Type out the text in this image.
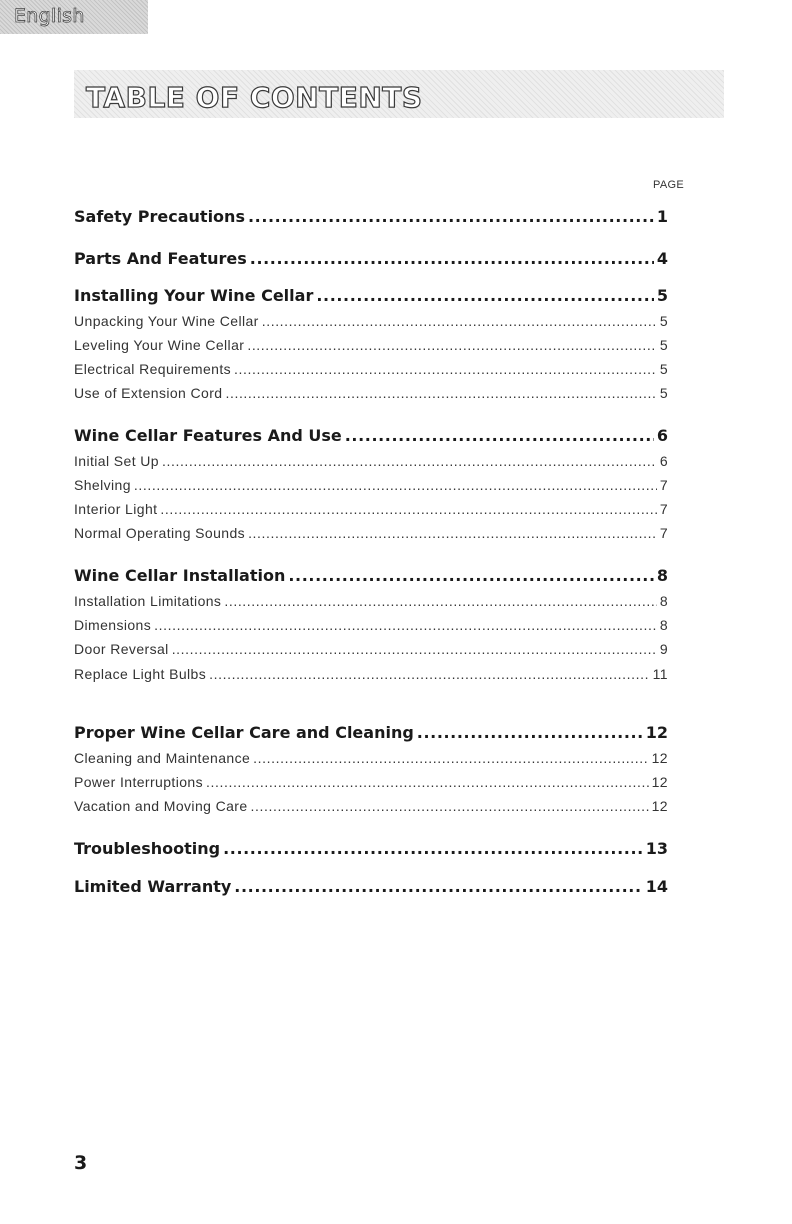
English
TABLE OF CONTENTS
PAGE
Safety Precautions .....	1
Parts And Features .....	4
Installing Your Wine Cellar .....	5
Unpacking Your Wine Cellar .....	5
Leveling Your Wine Cellar .....	5
Electrical Requirements .....	5
Use of Extension Cord .....	5
Wine Cellar Features And Use .....	6
Initial Set Up .....	6
Shelving .....	7
Interior Light .....	7
Normal Operating Sounds .....	7
Wine Cellar Installation .....	8
Installation Limitations .....	8
Dimensions .....	8
Door Reversal .....	9
Replace Light Bulbs .....	11
Proper Wine Cellar Care and Cleaning .....	12
Cleaning and Maintenance .....	12
Power Interruptions .....	12
Vacation and Moving Care .....	12
Troubleshooting .....	13
Limited Warranty .....	14
3
